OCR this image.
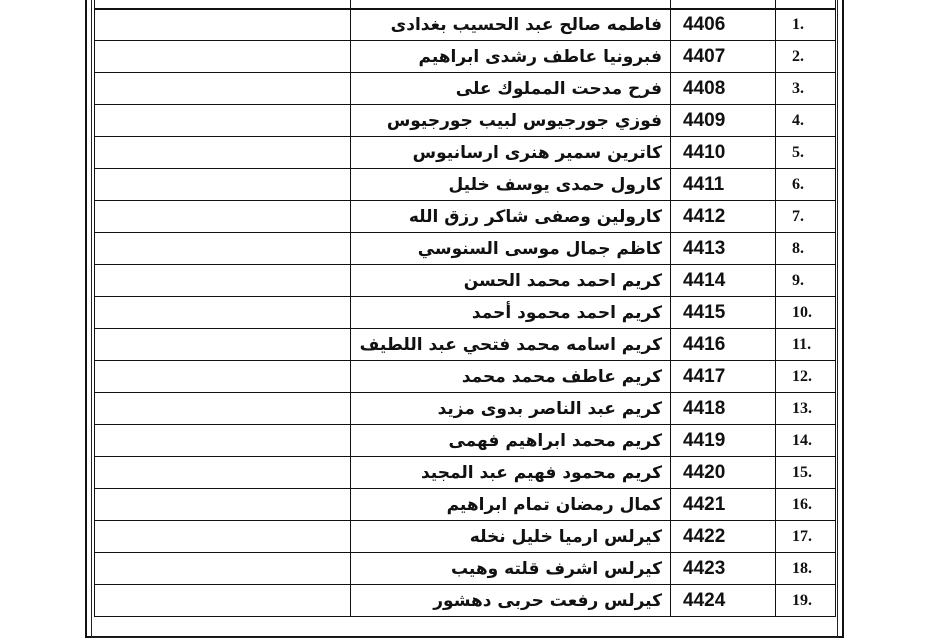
	فاطمه صالح عبد الحسيب بغدادى	4406	1.
	فبرونيا عاطف رشدى ابراهيم	4407	2.
	فرح مدحت المملوك على	4408	3.
	فوزي جورجيوس لبيب جورجيوس	4409	4.
	كاترين سمير هنرى ارسانيوس	4410	5.
	كارول حمدى يوسف خليل	4411	6.
	كارولين وصفى شاكر رزق الله	4412	7.
	كاظم جمال موسى السنوسي	4413	8.
	كريم احمد محمد الحسن	4414	9.
	كريم احمد محمود أحمد	4415	10.
	كريم اسامه محمد فتحي عبد اللطيف	4416	11.
	كريم عاطف محمد محمد	4417	12.
	كريم عبد الناصر بدوى مزيد	4418	13.
	كريم محمد ابراهيم فهمى	4419	14.
	كريم محمود فهيم عبد المجيد	4420	15.
	كمال رمضان تمام ابراهيم	4421	16.
	كيرلس ارميا خليل نخله	4422	17.
	كيرلس اشرف قلته وهيب	4423	18.
	كيرلس رفعت حربى دهشور	4424	19.
